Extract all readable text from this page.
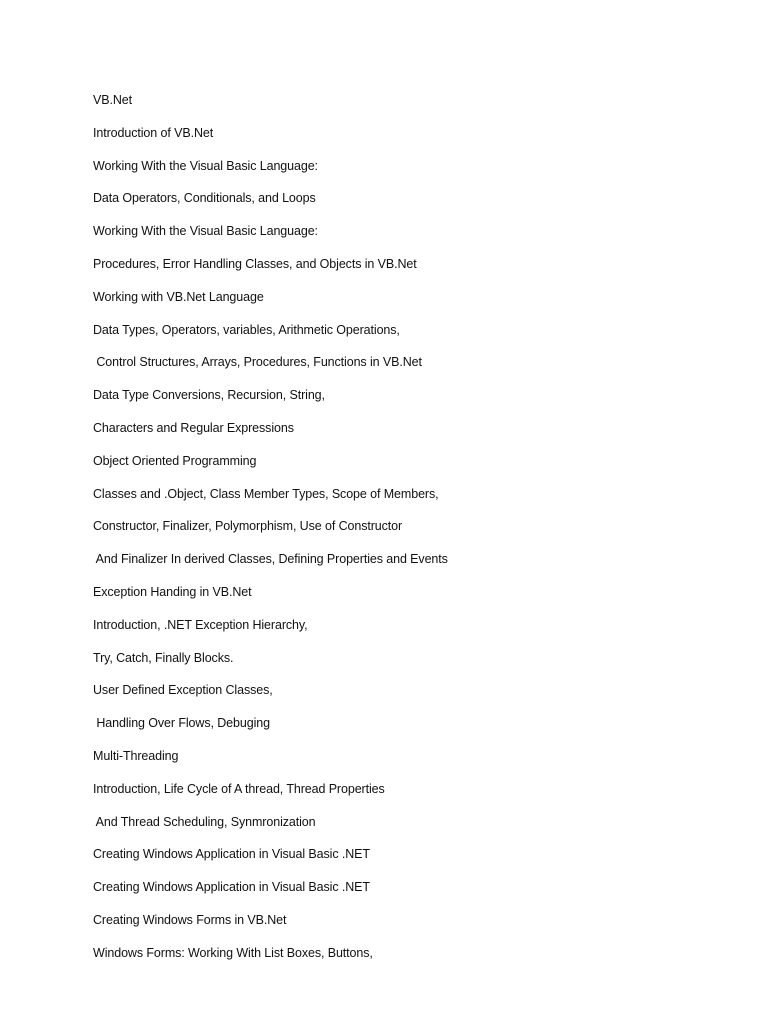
VB.Net
Introduction of VB.Net
Working With the Visual Basic Language:
Data Operators, Conditionals, and Loops
Working With the Visual Basic Language:
Procedures, Error Handling Classes, and Objects in VB.Net
Working with VB.Net Language
Data Types, Operators, variables, Arithmetic Operations,
Control Structures, Arrays, Procedures, Functions in VB.Net
Data Type Conversions, Recursion, String,
Characters and Regular Expressions
Object Oriented Programming
Classes and .Object, Class Member Types, Scope of Members,
Constructor, Finalizer, Polymorphism, Use of Constructor
And Finalizer In derived Classes, Defining Properties and Events
Exception Handing in VB.Net
Introduction, .NET Exception Hierarchy,
Try, Catch, Finally Blocks.
User Defined Exception Classes,
Handling Over Flows, Debuging
Multi-Threading
Introduction, Life Cycle of A thread, Thread Properties
And Thread Scheduling, Synmronization
Creating Windows Application in Visual Basic .NET
Creating Windows Application in Visual Basic .NET
Creating Windows Forms in VB.Net
Windows Forms: Working With List Boxes, Buttons,
